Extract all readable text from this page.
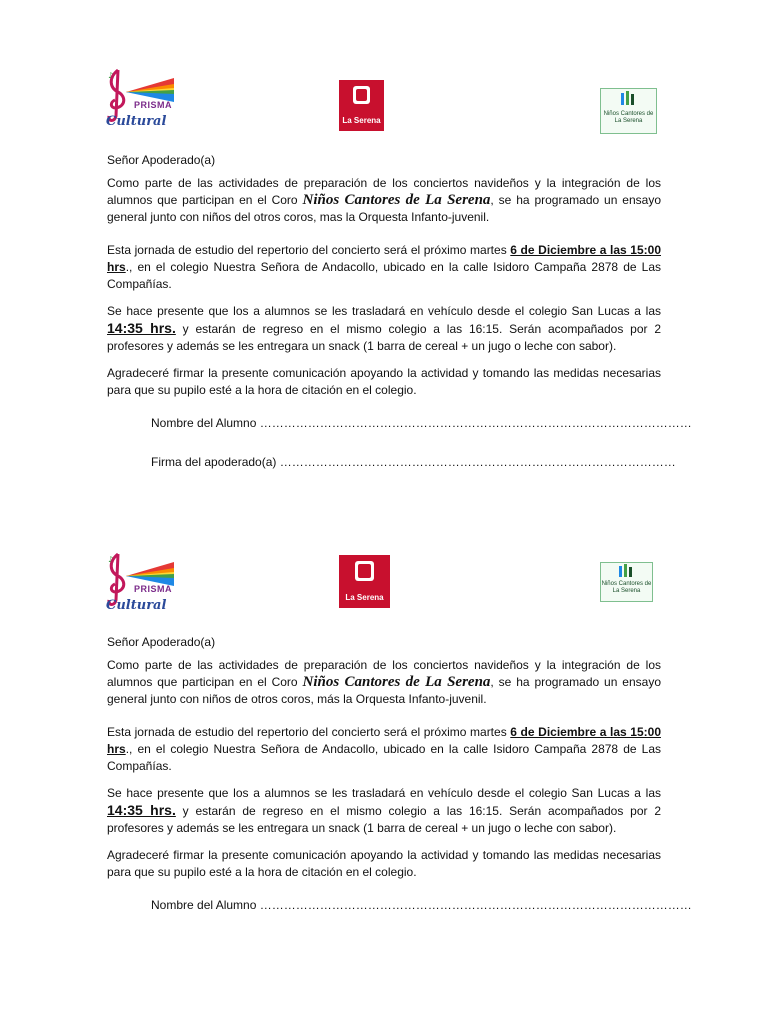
♪
PRISMA
Cultural	La Serena
Niños Cantores de La Serena

Señor Apoderado(a)

Como parte de las actividades de preparación de los conciertos navideños y la integración de los alumnos que participan en el Coro Niños Cantores de La Serena, se ha programado un ensayo general junto con niños del otros coros, mas la Orquesta Infanto-juvenil.

Esta jornada de estudio del repertorio del concierto será el próximo martes 6 de Diciembre a las 15:00 hrs., en el colegio Nuestra Señora de Andacollo, ubicado en la calle Isidoro Campaña 2878 de Las Compañías.

Se hace presente que los a alumnos se les trasladará en vehículo desde el colegio San Lucas a las 14:35 hrs. y estarán de regreso en el mismo colegio a las 16:15. Serán acompañados por 2 profesores y además se les entregara un snack (1 barra de cereal + un jugo o leche con sabor).

Agradeceré firmar la presente comunicación apoyando la actividad y tomando las medidas necesarias para que su pupilo esté a la hora de citación en el colegio.

Nombre del Alumno ………………………………………………………………………………………………
Firma del apoderado(a) ………………………………………………………………………………………
♪
PRISMA
Cultural
La Serena
Niños Cantores de La Serena

Señor Apoderado(a)

Como parte de las actividades de preparación de los conciertos navideños y la integración de los alumnos que participan en el Coro Niños Cantores de La Serena, se ha programado un ensayo general junto con niños de otros coros, más la Orquesta Infanto-juvenil.

Esta jornada de estudio del repertorio del concierto será el próximo martes 6 de Diciembre a las 15:00 hrs., en el colegio Nuestra Señora de Andacollo, ubicado en la calle Isidoro Campaña 2878 de Las Compañías.

Se hace presente que los a alumnos se les trasladará en vehículo desde el colegio San Lucas a las 14:35 hrs. y estarán de regreso en el mismo colegio a las 16:15. Serán acompañados por 2 profesores y además se les entregara un snack (1 barra de cereal + un jugo o leche con sabor).

Agradeceré firmar la presente comunicación apoyando la actividad y tomando las medidas necesarias para que su pupilo esté a la hora de citación en el colegio.

Nombre del Alumno ………………………………………………………………………………………………
